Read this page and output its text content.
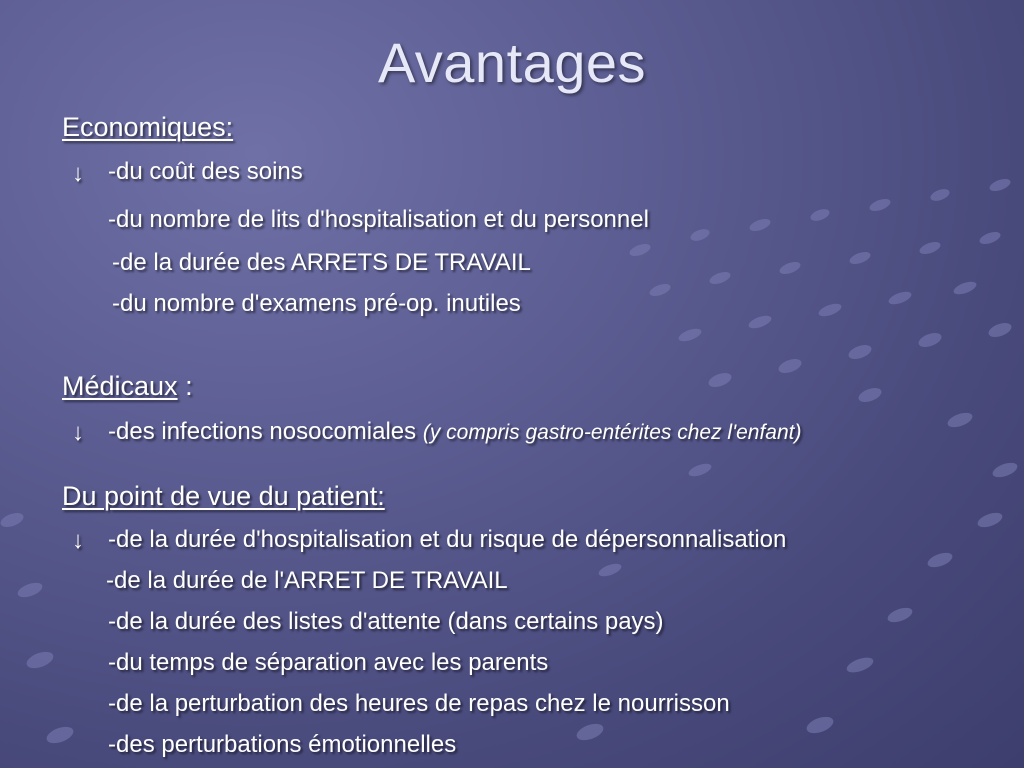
Avantages
Economiques:
↓ -du coût des soins
-du nombre de lits d'hospitalisation et du personnel
-de la durée des ARRETS DE TRAVAIL
-du nombre d'examens pré-op. inutiles
Médicaux :
↓ -des infections nosocomiales (y compris gastro-entérites chez l'enfant)
Du point de vue du patient:
↓ -de la durée d'hospitalisation et du risque de dépersonnalisation
-de la durée de l'ARRET DE TRAVAIL
-de la durée des listes d'attente (dans certains pays)
-du temps de séparation avec les parents
-de la perturbation des heures de repas chez le nourrisson
-des perturbations émotionnelles
